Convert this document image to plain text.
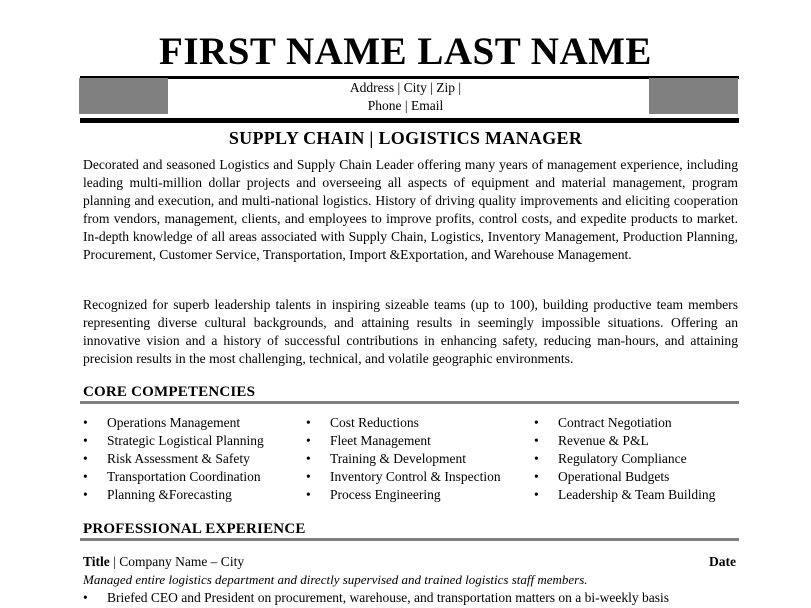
FIRST NAME LAST NAME
Address | City | Zip |
Phone | Email
SUPPLY CHAIN | LOGISTICS MANAGER

Decorated and seasoned Logistics and Supply Chain Leader offering many years of management experience, including leading multi-million dollar projects and overseeing all aspects of equipment and material management, program planning and execution, and multi-national logistics. History of driving quality improvements and eliciting cooperation from vendors, management, clients, and employees to improve profits, control costs, and expedite products to market. In-depth knowledge of all areas associated with Supply Chain, Logistics, Inventory Management, Production Planning, Procurement, Customer Service, Transportation, Import &Exportation, and Warehouse Management.

Recognized for superb leadership talents in inspiring sizeable teams (up to 100), building productive team members representing diverse cultural backgrounds, and attaining results in seemingly impossible situations. Offering an innovative vision and a history of successful contributions in enhancing safety, reducing man-hours, and attaining precision results in the most challenging, technical, and volatile geographic environments.

CORE COMPETENCIES
• Operations Management
• Strategic Logistical Planning
• Risk Assessment & Safety
• Transportation Coordination
• Planning &Forecasting
• Cost Reductions
• Fleet Management
• Training & Development
• Inventory Control & Inspection
• Process Engineering
• Contract Negotiation
• Revenue & P&L
• Regulatory Compliance
• Operational Budgets
• Leadership & Team Building
PROFESSIONAL EXPERIENCE
Title | Company Name – City	Date
Managed entire logistics department and directly supervised and trained logistics staff members.
• Briefed CEO and President on procurement, warehouse, and transportation matters on a bi-weekly basis
